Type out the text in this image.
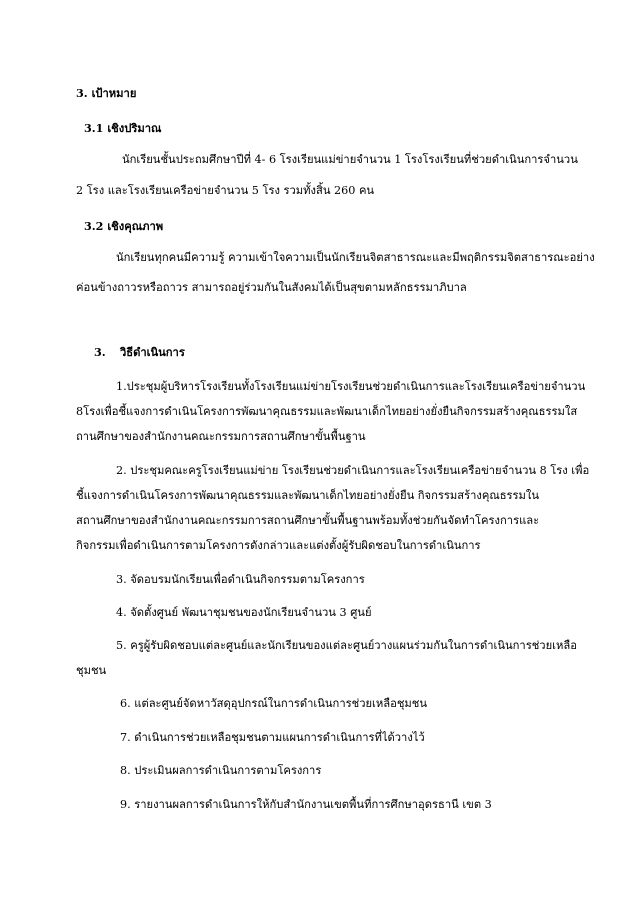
3. เป้าหมาย
3.1 เชิงปริมาณ
นักเรียนชั้นประถมศึกษาปีที่ 4- 6 โรงเรียนแม่ข่ายจำนวน 1 โรงโรงเรียนที่ช่วยดำเนินการจำนวน
2 โรง และโรงเรียนเครือข่ายจำนวน 5 โรง รวมทั้งสิ้น 260 คน
3.2 เชิงคุณภาพ
นักเรียนทุกคนมีความรู้ ความเข้าใจความเป็นนักเรียนจิตสาธารณะและมีพฤติกรรมจิตสาธารณะอย่าง
ค่อนข้างถาวรหรือถาวร สามารถอยู่ร่วมกันในสังคมได้เป็นสุขตามหลักธรรมาภิบาล
3. วิธีดำเนินการ
1.ประชุมผู้บริหารโรงเรียนทั้งโรงเรียนแม่ข่ายโรงเรียนช่วยดำเนินการและโรงเรียนเครือข่ายจำนวน
8โรงเพื่อชี้แจงการดำเนินโครงการพัฒนาคุณธรรมและพัฒนาเด็กไทยอย่างยั่งยืนกิจกรรมสร้างคุณธรรมใส
ถานศึกษาของสำนักงานคณะกรรมการสถานศึกษาขั้นพื้นฐาน
2. ประชุมคณะครูโรงเรียนแม่ข่าย โรงเรียนช่วยดำเนินการและโรงเรียนเครือข่ายจำนวน 8 โรง เพื่อ
ชี้แจงการดำเนินโครงการพัฒนาคุณธรรมและพัฒนาเด็กไทยอย่างยั่งยืน กิจกรรมสร้างคุณธรรมใน
สถานศึกษาของสำนักงานคณะกรรมการสถานศึกษาขั้นพื้นฐานพร้อมทั้งช่วยกันจัดทำโครงการและ
กิจกรรมเพื่อดำเนินการตามโครงการดังกล่าวและแต่งตั้งผู้รับผิดชอบในการดำเนินการ
3. จัดอบรมนักเรียนเพื่อดำเนินกิจกรรมตามโครงการ
4. จัดตั้งศูนย์ พัฒนาชุมชนของนักเรียนจำนวน 3 ศูนย์
5. ครูผู้รับผิดชอบแต่ละศูนย์และนักเรียนของแต่ละศูนย์วางแผนร่วมกันในการดำเนินการช่วยเหลือ
ชุมชน
6. แต่ละศูนย์จัดหาวัสดุอุปกรณ์ในการดำเนินการช่วยเหลือชุมชน
7. ดำเนินการช่วยเหลือชุมชนตามแผนการดำเนินการที่ได้วางไว้
8. ประเมินผลการดำเนินการตามโครงการ
9. รายงานผลการดำเนินการให้กับสำนักงานเขตพื้นที่การศึกษาอุดรธานี เขต 3
